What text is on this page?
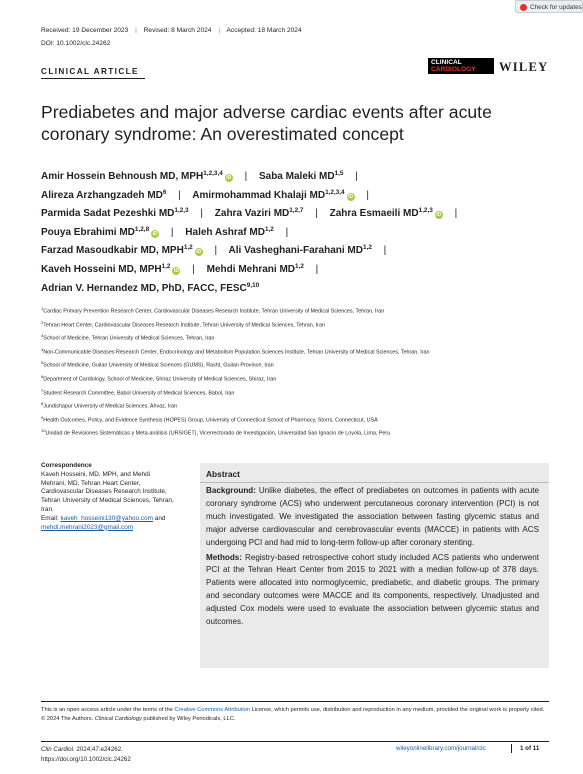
Check for updates
Received: 19 December 2023 | Revised: 8 March 2024 | Accepted: 18 March 2024
DOI: 10.1002/clc.24262
CLINICAL ARTICLE
CLINICAL
CARDIOLOGY	WILEY
Prediabetes and major adverse cardiac events after acute coronary syndrome: An overestimated concept
Amir Hossein Behnoush MD, MPH$^{1,2,3,4}$iD | Saba Maleki MD$^{1,5}$ |
Alireza Arzhangzadeh $MD^6$ | Amirmohammad Khalaji MD$^{1,2,3,4}$iD |
Parmida Sadat Pezeshki MD$^{1,2,3}$ | Zahra Vaziri MD$^{1,2,7}$ | Zahra Esmaeili MD$^{1,2,3}$iD |
Pouya Ebrahimi MD$^{1,2,8}$iD | Haleh Ashraf MD$^{1,2}$ |
Farzad Masoudkabir MD, MPH$^{1,2}$iD | Ali Vasheghani-Farahani MD$^{1,2}$ |
Kaveh Hosseini MD, MPH$^{1,2}$iD | Mehdi Mehrani MD$^{1,2}$ |
Adrian V. Hernandez MD, PhD, FACC, FESC$^{9,10}$
$^1$Cardiac Primary Prevention Research Center, Cardiovascular Diseases Research Institute, Tehran University of Medical Sciences, Tehran, Iran
$^2$Tehran Heart Center, Cardiovascular Diseases Research Institute, Tehran University of Medical Sciences, Tehran, Iran
$^3$School of Medicine, Tehran University of Medical Sciences, Tehran, Iran
$^4$Non-Communicable Diseases Research Center, Endocrinology and Metabolism Population Sciences Institute, Tehran University of Medical Sciences, Tehran, Iran
$^5$School of Medicine, Guilan University of Medical Sciences (GUMS), Rasht, Guilan Province, Iran
$^6$Department of Cardiology, School of Medicine, Shiraz University of Medical Sciences, Shiraz, Iran
$^7$Student Research Committee, Babol University of Medical Sciences, Babol, Iran
$^8$Jundishapur University of Medical Sciences, Ahvaz, Iran
$^9$Health Outcomes, Policy, and Evidence Synthesis (HOPES) Group, University of Connecticut School of Pharmacy, Storrs, Connecticut, USA
$^{10}$Unidad de Revisiones Sistemáticas y Meta-análisis (URSIGET), Vicerrectorado de Investigación, Universidad San Ignacio de Loyola, Lima, Peru
Correspondence
Kaveh Hosseini, MD, MPH, and Mehdi
Mehrani, MD, Tehran Heart Center,
Cardiovascular Diseases Research Institute,
Tehran University of Medical Sciences, Tehran,
Iran.
Email: kaveh_hosseini130@yahoo.com and
mehdi.mehrani2023@gmail.com
Abstract

Background: Unlike diabetes, the effect of prediabetes on outcomes in patients with acute coronary syndrome (ACS) who underwent percutaneous coronary intervention (PCI) is not much investigated. We investigated the association between fasting glycemic status and major adverse cardiovascular and cerebrovascular events (MACCE) in patients with ACS undergoing PCI and had mid to long-term follow-up after coronary stenting.

Methods: Registry-based retrospective cohort study included ACS patients who underwent PCI at the Tehran Heart Center from 2015 to 2021 with a median follow-up of 378 days. Patients were allocated into normoglycemic, prediabetic, and diabetic groups. The primary and secondary outcomes were MACCE and its components, respectively. Unadjusted and adjusted Cox models were used to evaluate the association between glycemic status and outcomes.

This is an open access article under the terms of the Creative Commons Attribution License, which permits use, distribution and reproduction in any medium, provided the original work is properly cited.
© 2024 The Authors. Clinical Cardiology published by Wiley Periodicals, LLC.
Clin Cardiol. 2024;47:e24262.
https://doi.org/10.1002/clc.24262
wileyonlinelibrary.com/journal/clc	1 of 11
